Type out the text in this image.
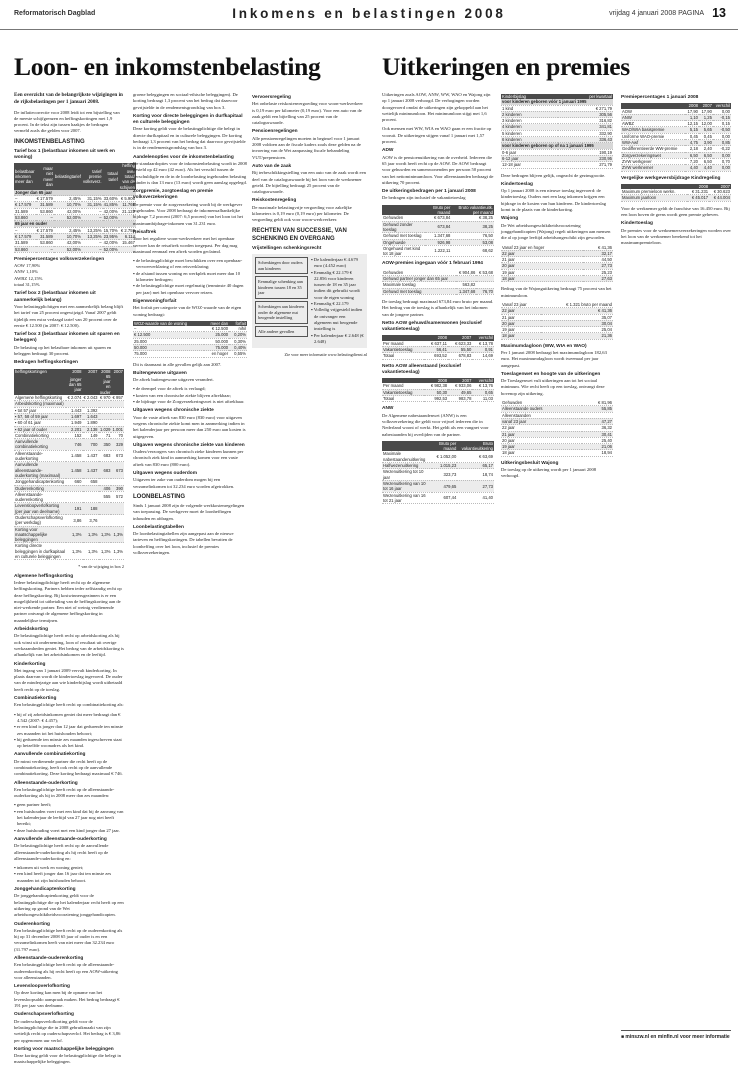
Reformatorisch Dagblad	Inkomens en belastingen 2008	vrijdag 4 januari 2008 PAGINA 13
Loon- en inkomstenbelasting Uitkeringen en premies

Een overzicht van de belangrijkste wijzigingen in de rijksbelastingen per 1 januari 2008.

De inflatiecorrectie voor 2008 leidt tot een bijstelling van de meeste schijfgrenzen en heffingskortingen met 1,9 procent. In de tekst zijn tussen haakjes de bedragen vermeld zoals die gelden voor 2007.

INKOMSTENBELASTING
Tarief box 1 (belastbaar inkomen uit werk en woning)
belastbaar inkomen meer dan	maar niet meer dan	belastingtarief	tarief premie volksverz.	totaal tarief	heffing over totaal van de schijven
Jonger dan 65 jaar					
–	€ 17.579	2,45%	31,15%	33,60%	€ 5.906
€ 17.579	31.589	10,70%	31,15%	41,85%	11.769
31.589	53.860	42,00%	–	42,00%	21.122
53.860	–	52,00%	–	52,00%	
65 jaar en ouder					
–	€ 17.579	2,45%	13,25%	15,70%	€ 2.759
€ 17.579	31.589	10,70%	13,25%	23,95%	6.114
31.589	53.860	42,00%	–	42,00%	15.467
53.860	–	52,00%	–	52,00%	
Premiepercentages volksverzekeringen
AOW 17,90%
ANW 1,10%
AWBZ 12,15%
totaal 31,15%
Tarief box 2 (belastbaar inkomen uit aanmerkelijk belang)

Voor belastingplichtigen met een aanmerkelijk belang blijft het tarief van 25 procent ongewijzigd. Vanaf 2007 geldt tijdelijk een extra verlaagd tarief van 20 procent over de eerste € 12.500 (in 2007: € 12.500).

Tarief box 3 (belastbaar inkomen uit sparen en beleggen)

De belasting op het belastbare inkomen uit sparen en beleggen bedraagt 30 procent.

Bedragen heffingskortingen
heffingskortingen	2008	2007	2008	2007
	jonger dan 65 jaar		65 jaar en ouder	
Algemene heffingskorting	€ 2.074	€ 2.043	€ 970	€ 957
Arbeidskorting (maximaal)				
▪ tot 57 jaar	1.443	1.392		
▪ 57, 58 of 59 jaar	1.697	1.643		
▪ 60 of 61 jaar	1.949	1.890		
▪ 62 jaar of ouder	2.201	2.138	1.029	1.001
Combinatiekorting	152	149	71	70
Aanvullende combinatiekorting	746	700	350	329
Alleenstaande-ouderkorting	1.458	1.437	683	673
Aanvullende alleenstaande-ouderkorting (maximaal)	1.458	1.437	683	673
Jonggehandicaptenkorting	660	658		
Ouderenkorting			406	390
Alleenstaande-ouderenkorting			555	572
Levensloopverlofkorting (per jaar van deelname)	191	188		
Ouderschapsverlofkorting (per werkdag)	3,86	3,76		
Korting voor maatschappelijke beleggingen	1,3%	1,3%	1,3%	1,3%
Korting directe beleggingen in durfkapitaal en culturele beleggingen	1,3%	1,3%	1,3%	1,3%
* van de wijziging in box 2
Algemene heffingskorting

Iedere belastingplichtige heeft recht op de algemene heffingskorting. Partners hebben ieder zelfstandig recht op deze heffingskorting. Bij kostwinnersgezinnen is er een mogelijkheid tot uitbetaling van de heffingskorting aan de niet-werkende partner. Een niet of weinig verdienende partner ontvangt de algemene heffingskorting in maandelijkse termijnen.

Arbeidskorting

De belastingplichtige heeft recht op arbeidskorting als hij ook winst uit onderneming, loon of resultaat uit overige werkzaamheden geniet. Het bedrag van de arbeidskorting is afhankelijk van het arbeidsinkomen en de leeftijd.

Kinderkorting

Met ingang van 1 januari 2009 vervalt kinderkorting. In plaats daarvan wordt de kindertoeslag ingevoerd. De ouder van de minderjarige aan wie kinderbijslag wordt uitbetaald heeft recht op de toeslag.

Combinatiekorting

Een belastingplichtige heeft recht op combinatiekorting als:

▪ hij of zij arbeidsinkomen geniet dat meer bedraagt dan € 4.542 (2007: € 4.457);
▪ er een kind is jonger dan 12 jaar dat gedurende ten minste zes maanden tot het huishouden behoort;
▪ hij gedurende ten minste zes maanden ingeschreven staat op hetzelfde woonadres als het kind.
Aanvullende combinatiekorting

De minst verdienende partner die recht heeft op de combinatiekorting, heeft ook recht op de aanvullende combinatiekorting. Deze korting bedraagt maximaal € 746.

Alleenstaande-ouderkorting

Een belastingplichtige heeft recht op de alleenstaande-ouderkorting als hij in 2008 meer dan zes maanden:

▪ geen partner heeft;
▪ een huishouden voert met een kind dat bij de aanvang van het kalenderjaar de leeftijd van 27 jaar nog niet heeft bereikt;
▪ deze huishouding voert met een kind jonger dan 27 jaar.
Aanvullende alleenstaande-ouderkorting

De belastingplichtige heeft recht op de aanvullende alleenstaande-ouderkorting als hij recht heeft op de alleenstaande-ouderkorting en:

▪ inkomen uit werk en woning geniet;
▪ een kind heeft jonger dan 16 jaar dat ten minste zes maanden tot zijn huishouden behoort.
Jonggehandicaptenkorting

De jonggehandicaptenkorting geldt voor de belastingplichtige die op het kalenderjaar recht heeft op een uitkering op grond van de Wet arbeidsongeschiktheidsvoorziening jonggehandicapten.

Ouderenkorting

Een belastingplichtige heeft recht op de ouderenkorting als hij op 31 december 2008 65 jaar of ouder is en een verzamelinkomen heeft van niet meer dan 32.234 euro (31.797 euro).

Alleenstaande-ouderenkorting

Een belastingplichtige heeft recht op de alleenstaande-ouderenkorting als hij recht heeft op een AOW-uitkering voor alleenstaanden.

Levensloopverlofkorting

Op deze korting kan men bij de opname van het levensloopsaldo aanspraak maken. Het bedrag bedraagt € 191 per jaar van deelname.

Ouderschapsverlofkorting

De ouderschapsverlofkorting geldt voor de belastingplichtige die in 2008 gebruikmaakt van zijn wettelijk recht op ouderschapsverlof. Het bedrag is € 3,86 per opgenomen uur verlof.

Korting voor maatschappelijke beleggingen

Deze korting geldt voor de belastingplichtige die belegt in maatschappelijke beleggingen.

groene beleggingen en sociaal-ethische beleggingen). De korting bedraagt 1,3 procent van het bedrag dat daarvoor gevrijstelde in de rendementsgrondslag van box 3.

Korting voor directe beleggingen in durfkapitaal en culturele beleggingen

Deze korting geldt voor de belastingplichtige die belegt in directe durfkapitaal en in culturele beleggingen. De korting bedraagt 1,3 procent van het bedrag dat daarvoor gevrijstelde is in de rendementsgrondslag van box 3.

Aandelenopties voor de inkomstenbelasting

De standaardopties voor de inkomstenbelasting wordt in 2008 gesteld op 42 euro (42 euro). Als het verschil tussen de verschuldigde en de in de loonbelasting ingehouden belasting minder is dan 13 euro (13 euro) wordt geen aanslag opgelegd.

Zorgpremie, zorgtoeslag en premie volksverzekeringen

De premie voor de zorgverzekering wordt bij de werkgever ingehouden. Voor 2008 bedraagt de inkomensafhankelijke bijdrage 7,2 procent (2007: 6,5 procent) van het loon tot het maximumbijdrage-inkomen van 31.231 euro.

Reisaftrek

Voor het reguliere woon-werkverkeer met het openbaar vervoer kan de reisaftrek worden toegepast. Per dag mag maximaal eenmaal een aftrek worden geclaimd.

▪ de belastingplichtige moet beschikken over een openbaar-vervoerverklaring of een reisverklaring;
▪ de afstand tussen woning en werkplek moet meer dan 10 kilometer bedragen;
▪ de belastingplichtige moet regelmatig (tenminste 40 dagen per jaar) met het openbaar vervoer reizen.
Eigenwoningforfait

Het forfait per categorie van de WOZ-waarde van de eigen woning bedraagt:

WOZ-waarde van de woning	meer dan	forfait
–	€ 12.500	nihil
€ 12.500	25.000	0,20%
25.000	50.000	0,30%
50.000	75.000	0,40%
75.000	en hoger	0,55%

Dit is daarnaast in alle gevallen gelijk aan 2007.

Buitengewone uitgaven

De aftrek buitengewone uitgaven verandert.

▪ de drempel voor de aftrek is verlaagd;
▪ kosten van een chronische ziekte blijven aftrekbaar;
▪ de bijdrage voor de Zorgverzekeringswet is niet aftrekbaar.
Uitgaven wegens chronische ziekte

Voor de vaste aftrek van 830 euro (830 euro) voor uitgaven wegens chronische ziekte komt men in aanmerking indien in het kalenderjaar per persoon meer dan 250 euro aan kosten is uitgegeven.

Uitgaven wegens chronische ziekte van kinderen

Ouders/verzorgers van chronisch zieke kinderen kunnen per chronisch ziek kind in aanmerking komen voor een vaste aftrek van 830 euro (800 euro).

Uitgaven wegens ouderdom

Uitgaven ter zake van ouderdom mogen bij een verzamelinkomen tot 32.234 euro worden afgetrokken.

LOONBELASTING

Sinds 1 januari 2008 zijn de volgende werkkostenregelingen van toepassing. De werkgever moet de loonheffingen inhouden en afdragen.

Loonbelastingtabellen

De loonbelastingtabellen zijn aangepast aan de nieuwe tarieven en heffingskortingen. De tabellen bevatten de loonheffing over het loon, inclusief de premies volksverzekeringen.

Vervoersregeling

Het onbelaste reiskostenvergoeding voor woon-werkverkeer is 0,19 euro per kilometer (0,19 euro). Voor een auto van de zaak geldt een bijtelling van 25 procent van de cataloguswaarde.

Pensioenregelingen

Alle pensioenregelingen moeten in beginsel voor 1 januari 2008 voldoen aan de fiscale kaders zoals deze gelden na de invoering van de Wet aanpassing fiscale behandeling VUT/prepensioen.

Auto van de zaak

Bij terbeschikkingstelling van een auto van de zaak wordt een deel van de cataloguswaarde bij het loon van de werknemer geteld. De bijtelling bedraagt 25 procent van de cataloguswaarde.

Reiskostenregeling

De maximale belastingvrije vergoeding voor zakelijke kilometers is 0,19 euro (0,19 euro) per kilometer. De vergoeding geldt ook voor woon-werkverkeer.

RECHTEN VAN SUCCESSIE, VAN SCHENKING EN OVERGANG
Vrijstellingen schenkingsrecht
Schenkingen door ouders aan kinderen
Eenmalige schenking aan kinderen tussen 18 en 35 jaar
Schenkingen aan kinderen onder de algemene nut beogende instelling
Alle andere gevallen
▪ De kalenderjaar € 4.679 euro (4.452 euro)
▪ Eenmalig € 22.179 € 22.856 voor kinderen tussen de 18 en 35 jaar indien dit gebruikt wordt voor de eigen woning
▪ Eenmalig € 22.179
▪ Volledig vrijgesteld indien de ontvanger een algemeen nut beogende instelling is
▪ Per kalenderjaar € 2.648 (€ 2.648)
Zie voor meer informatie www.belastingdienst.nl

Uitkeringen zoals AOW, ANW, WW, WAO en Wajong zijn op 1 januari 2008 verhoogd. De verhogingen worden doorgevoerd omdat de uitkeringen zijn gekoppeld aan het wettelijk minimumloon. Het minimumloon stijgt met 1,6 procent.

Ook mensen met WW, WIA en WAO gaan er een fractie op vooruit. De uitkeringen stijgen vanaf 1 januari met 1,57 procent.

ADW

AOW is de pensioenuitkering van de overheid. Iedereen die 65 jaar wordt heeft recht op de AOW. De AOW bedraagt voor gehuwden en samenwonenden per persoon 50 procent van het nettominimumloon. Voor alleenstaanden bedraagt de uitkering 70 procent.

De uitkeringsbedragen per 1 januari 2008

De bedragen zijn inclusief de vakantietoeslag

	Bruto per maand	Bruto vakantieuitk. per maand
Gehuwden	€ 673,84	€ 38,25
Gehuwd zonder toeslag	673,84	38,25
Gehuwd met toeslag	1.347,68	76,50
Ongehuwde	926,98	53,08
Ongehuwd met kind tot 18 jaar	1.222,11	68,62
AOW-premies ingegaan vóór 1 februari 1994
Gehuwden	€ 904,86	€ 53,68
Gehuwd partner jonger dan 65 jaar		
Maximale toeslag	563,82	
Gehuwd met toeslag	1.347,68	76,70

De toeslag bedraagt maximaal 673,84 euro bruto per maand. Het bedrag van de toeslag is afhankelijk van het inkomen van de jongere partner.

Netto AOW gehuwd/samenwonen (exclusief vakantietoeslag)
	2008	2007	verschil
Per maand	€ 637,11	€ 623,33	€ 13,78
Vakantietoeslag	56,41	55,50	0,91
Totaal	693,52	678,83	14,69
Netto AOW alleenstaand (exclusief vakantietoeslag)
	2008	2007	verschil
Per maand	€ 982,38	€ 933,06	€ 13,76
Vakantietoeslag	50,30	49,65	0,65
Totaal	992,53	983,78	11,03
ANW

De Algemene nabestaandenwet (ANW) is een volksverzekering die geldt voor vrijwel iedereen die in Nederland woont of werkt. Het geldt als een vangnet voor nabestaanden bij overlijden van de partner.

	Bruto per maand	Bruto vakantieuitkering
Maximale nabestaandenuitkering	€ 1.052,00	€ 63,69
Halfwezenuitkering	1.015,23	65,17
Wezenuitkering tot 10 jaar	323,73	18,74
Wezenuitkering van 10 tot 16 jaar	479,65	27,73
Wezenuitkering van 16 tot 21 jaar	607,44	41,40
Kinderbijslag	per kwartaal
voor kinderen geboren vóór 1 januari 1995	
1 kind	€ 271,79
2 kinderen	305,56
3 kinderen	316,82
4 kinderen	341,81
5 kinderen	332,90
6 kinderen	336,43
voor kinderen geboren op of na 1 januari 1995	
0-6 jaar	190,19
6-12 jaar	230,95
12-18 jaar	271,79

Deze bedragen blijven gelijk, ongeacht de gezinsgrootte.

Kindertoeslag

Op 1 januari 2008 is een nieuwe toeslag ingevoerd: de kindertoeslag. Ouders met een laag inkomen krijgen een bijdrage in de kosten van hun kinderen. De kindertoeslag komt in de plaats van de kinderkorting.

Wajong

De Wet arbeidsongeschiktheidsvoorziening jonggehandicapten (Wajong) regelt uitkeringen aan mensen die al op jonge leeftijd arbeidsongeschikt zijn geworden.

Vanaf 23 jaar en hoger	€ 41,36
22 jaar	32,17
21 jaar	44,50
20 jaar	27,73
19 jaar	25,23
18 jaar	27,63

Bedrag van de Wajonguitkering bedraagt 75 procent van het minimumloon.

Vanaf 23 jaar	€ 1.321 bruto per maand
22 jaar	€ 41,36
21 jaar	35,07
20 jaar	30,04
19 jaar	25,04
18 jaar	21,36
Maximumdagloon (WW, WIA en WAO)

Per 1 januari 2008 bedraagt het maximumdagloon 182,63 euro. Het maximumdagloon wordt tweemaal per jaar aangepast.

Toeslagenwet en hoogte van de uitkeringen

De Toeslagenwet vult uitkeringen aan tot het sociaal minimum. Wie recht heeft op een toeslag, ontvangt deze bovenop zijn uitkering.

Gehuwden	€ 81,96
Alleenstaande ouders	55,85
Alleenstaanden	
vanaf 23 jaar	47,27
22 jaar	36,32
21 jaar	30,41
20 jaar	25,40
19 jaar	21,06
18 jaar	18,94
Uitkeringsbesluit Wajong

De toeslag op de uitkering wordt per 1 januari 2008 verhoogd.

Premiepercentages 1 januari 2008
	2008	2007	verschil
AOW	17,90	17,90	0,00
ANW	1,10	1,25	-0,15
AWBZ	12,15	12,00	0,15
WAO/WIA basispremie	5,15	5,65	-0,50
Uniforme WAO-premie	0,45	0,45	0,00
WW-Awf	4,75	3,90	0,85
Gedifferentieerde WW-premie	2,18	2,40	-0,22
Zorgverzekeringswet	6,50	6,50	0,00
ZVW werkgever	7,20	6,50	0,70
ZVW werknemer	4,40	4,40	0,00
Vergelijke werkgeversbijdrage Kindregeling
	2008	2007
Maximum premieloon werkn.	€ 31.231	€ 30.623
Maximum jaarloon	€ 45.017	€ 44.004

Voor de werknemer geldt de franchise van 16.450 euro. Bij een loon boven de grens wordt geen premie geheven.

Kindertoeslag

De premies voor de werknemersverzekeringen worden over het loon van de werknemer berekend tot het maximumpremieloon.

■ minszw.nl en minfin.nl voor meer informatie
